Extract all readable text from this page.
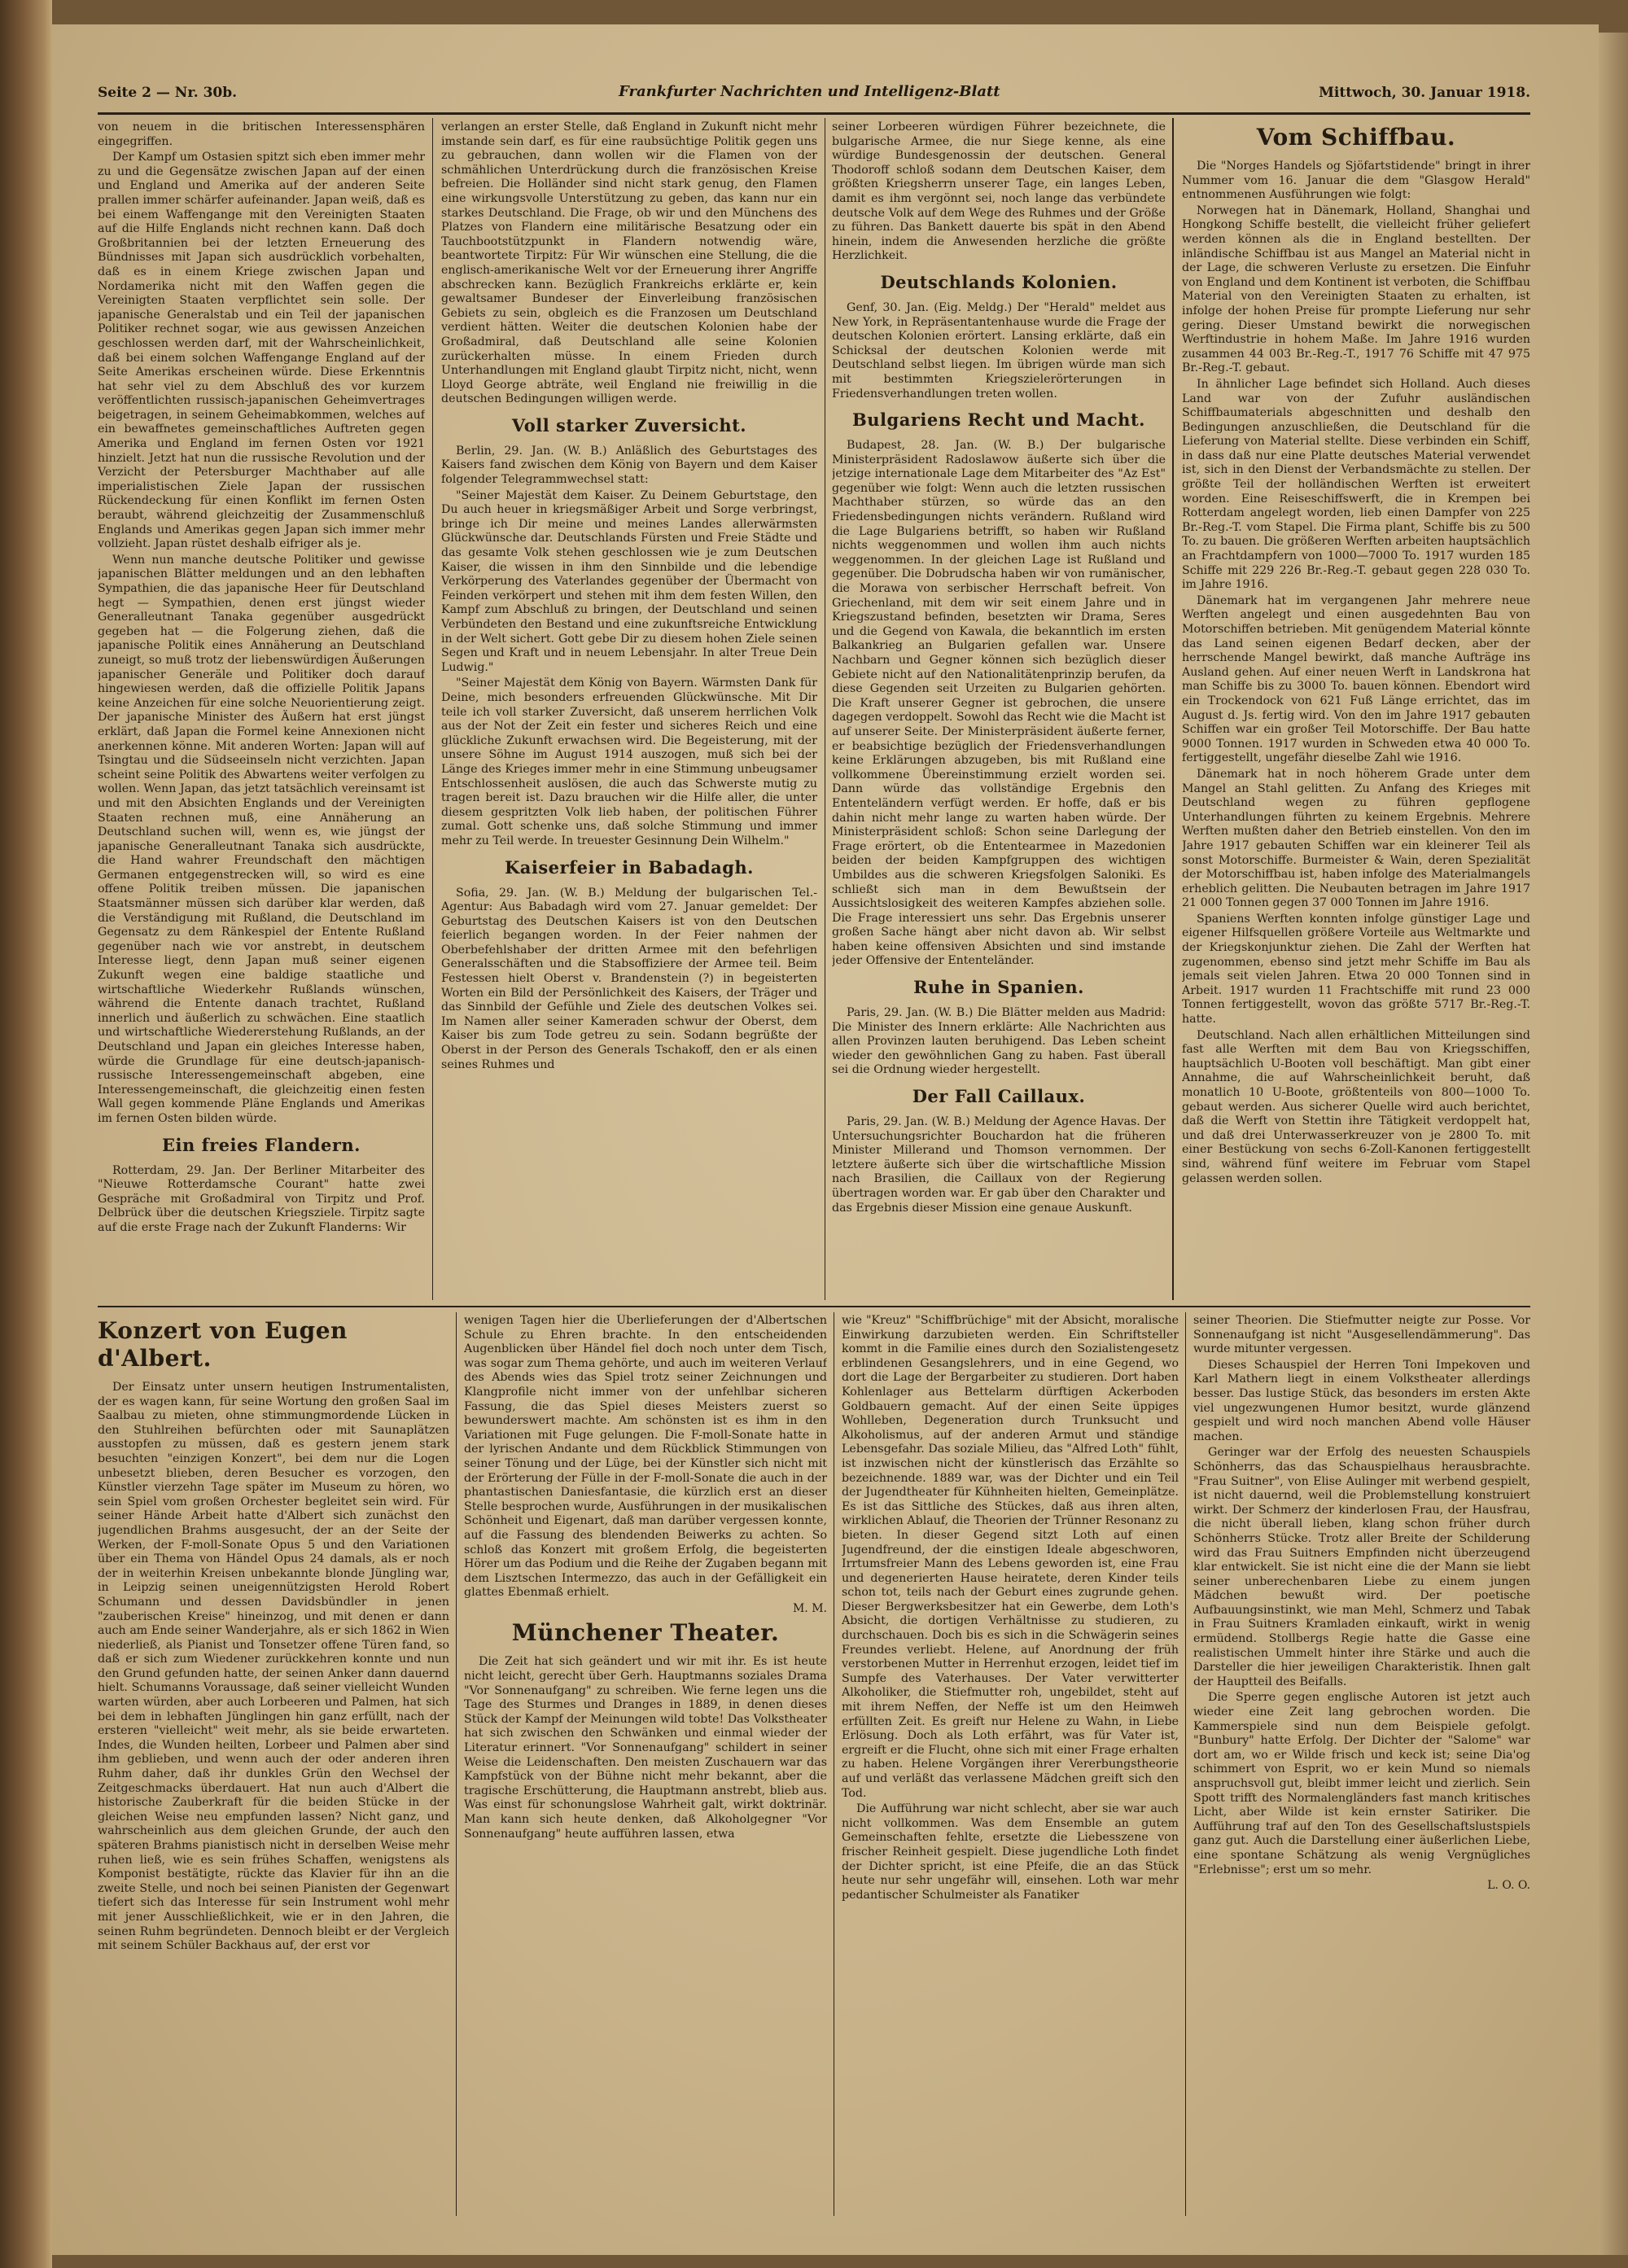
Seite 2 — Nr. 30b.	Frankfurter Nachrichten und Intelligenz-Blatt	Mittwoch, 30. Januar 1918.

von neuem in die britischen Interessensphären eingegriffen.

Der Kampf um Ostasien spitzt sich eben immer mehr zu und die Gegensätze zwischen Japan auf der einen und England und Amerika auf der anderen Seite prallen immer schärfer aufeinander. Japan weiß, daß es bei einem Waffengange mit den Vereinigten Staaten auf die Hilfe Englands nicht rechnen kann. Daß doch Großbritannien bei der letzten Erneuerung des Bündnisses mit Japan sich ausdrücklich vorbehalten, daß es in einem Kriege zwischen Japan und Nordamerika nicht mit den Waffen gegen die Vereinigten Staaten verpflichtet sein solle. Der japanische Generalstab und ein Teil der japanischen Politiker rechnet sogar, wie aus gewissen Anzeichen geschlossen werden darf, mit der Wahrscheinlichkeit, daß bei einem solchen Waffengange England auf der Seite Amerikas erscheinen würde. Diese Erkenntnis hat sehr viel zu dem Abschluß des vor kurzem veröffentlichten russisch-japanischen Geheimvertrages beigetragen, in seinem Geheimabkommen, welches auf ein bewaffnetes gemeinschaftliches Auftreten gegen Amerika und England im fernen Osten vor 1921 hinzielt. Jetzt hat nun die russische Revolution und der Verzicht der Petersburger Machthaber auf alle imperialistischen Ziele Japan der russischen Rückendeckung für einen Konflikt im fernen Osten beraubt, während gleichzeitig der Zusammenschluß Englands und Amerikas gegen Japan sich immer mehr vollzieht. Japan rüstet deshalb eifriger als je.

Wenn nun manche deutsche Politiker und gewisse japanischen Blätter meldungen und an den lebhaften Sympathien, die das japanische Heer für Deutschland hegt — Sympathien, denen erst jüngst wieder Generalleutnant Tanaka gegenüber ausgedrückt gegeben hat — die Folgerung ziehen, daß die japanische Politik eines Annäherung an Deutschland zuneigt, so muß trotz der liebenswürdigen Äußerungen japanischer Generäle und Politiker doch darauf hingewiesen werden, daß die offizielle Politik Japans keine Anzeichen für eine solche Neuorientierung zeigt. Der japanische Minister des Äußern hat erst jüngst erklärt, daß Japan die Formel keine Annexionen nicht anerkennen könne. Mit anderen Worten: Japan will auf Tsingtau und die Südseeinseln nicht verzichten. Japan scheint seine Politik des Abwartens weiter verfolgen zu wollen. Wenn Japan, das jetzt tatsächlich vereinsamt ist und mit den Absichten Englands und der Vereinigten Staaten rechnen muß, eine Annäherung an Deutschland suchen will, wenn es, wie jüngst der japanische Generalleutnant Tanaka sich ausdrückte, die Hand wahrer Freundschaft den mächtigen Germanen entgegenstrecken will, so wird es eine offene Politik treiben müssen. Die japanischen Staatsmänner müssen sich darüber klar werden, daß die Verständigung mit Rußland, die Deutschland im Gegensatz zu dem Ränkespiel der Entente Rußland gegenüber nach wie vor anstrebt, in deutschem Interesse liegt, denn Japan muß seiner eigenen Zukunft wegen eine baldige staatliche und wirtschaftliche Wiederkehr Rußlands wünschen, während die Entente danach trachtet, Rußland innerlich und äußerlich zu schwächen. Eine staatlich und wirtschaftliche Wiedererstehung Rußlands, an der Deutschland und Japan ein gleiches Interesse haben, würde die Grundlage für eine deutsch-japanisch-russische Interessengemeinschaft abgeben, eine Interessengemeinschaft, die gleichzeitig einen festen Wall gegen kommende Pläne Englands und Amerikas im fernen Osten bilden würde.

Ein freies Flandern.

Rotterdam, 29. Jan. Der Berliner Mitarbeiter des "Nieuwe Rotterdamsche Courant" hatte zwei Gespräche mit Großadmiral von Tirpitz und Prof. Delbrück über die deutschen Kriegsziele. Tirpitz sagte auf die erste Frage nach der Zukunft Flanderns: Wir

verlangen an erster Stelle, daß England in Zukunft nicht mehr imstande sein darf, es für eine raubsüchtige Politik gegen uns zu gebrauchen, dann wollen wir die Flamen von der schmählichen Unterdrückung durch die französischen Kreise befreien. Die Holländer sind nicht stark genug, den Flamen eine wirkungsvolle Unterstützung zu geben, das kann nur ein starkes Deutschland. Die Frage, ob wir und den Münchens des Platzes von Flandern eine militärische Besatzung oder ein Tauchbootstützpunkt in Flandern notwendig wäre, beantwortete Tirpitz: Für Wir wünschen eine Stellung, die die englisch-amerikanische Welt vor der Erneuerung ihrer Angriffe abschrecken kann. Bezüglich Frankreichs erklärte er, kein gewaltsamer Bundeser der Einverleibung französischen Gebiets zu sein, obgleich es die Franzosen um Deutschland verdient hätten. Weiter die deutschen Kolonien habe der Großadmiral, daß Deutschland alle seine Kolonien zurückerhalten müsse. In einem Frieden durch Unterhandlungen mit England glaubt Tirpitz nicht, nicht, wenn Lloyd George abträte, weil England nie freiwillig in die deutschen Bedingungen willigen werde.

Voll starker Zuversicht.

Berlin, 29. Jan. (W. B.) Anläßlich des Geburtstages des Kaisers fand zwischen dem König von Bayern und dem Kaiser folgender Telegrammwechsel statt:

"Seiner Majestät dem Kaiser. Zu Deinem Geburtstage, den Du auch heuer in kriegsmäßiger Arbeit und Sorge verbringst, bringe ich Dir meine und meines Landes allerwärmsten Glückwünsche dar. Deutschlands Fürsten und Freie Städte und das gesamte Volk stehen geschlossen wie je zum Deutschen Kaiser, die wissen in ihm den Sinnbilde und die lebendige Verkörperung des Vaterlandes gegenüber der Übermacht von Feinden verkörpert und stehen mit ihm dem festen Willen, den Kampf zum Abschluß zu bringen, der Deutschland und seinen Verbündeten den Bestand und eine zukunftsreiche Entwicklung in der Welt sichert. Gott gebe Dir zu diesem hohen Ziele seinen Segen und Kraft und in neuem Lebensjahr. In alter Treue Dein Ludwig."

"Seiner Majestät dem König von Bayern. Wärmsten Dank für Deine, mich besonders erfreuenden Glückwünsche. Mit Dir teile ich voll starker Zuversicht, daß unserem herrlichen Volk aus der Not der Zeit ein fester und sicheres Reich und eine glückliche Zukunft erwachsen wird. Die Begeisterung, mit der unsere Söhne im August 1914 auszogen, muß sich bei der Länge des Krieges immer mehr in eine Stimmung unbeugsamer Entschlossenheit auslösen, die auch das Schwerste mutig zu tragen bereit ist. Dazu brauchen wir die Hilfe aller, die unter diesem gespritzten Volk lieb haben, der politischen Führer zumal. Gott schenke uns, daß solche Stimmung und immer mehr zu Teil werde. In treuester Gesinnung Dein Wilhelm."

Kaiserfeier in Babadagh.

Sofia, 29. Jan. (W. B.) Meldung der bulgarischen Tel.-Agentur: Aus Babadagh wird vom 27. Januar gemeldet: Der Geburtstag des Deutschen Kaisers ist von den Deutschen feierlich begangen worden. In der Feier nahmen der Oberbefehlshaber der dritten Armee mit den befehrligen Generalsschäften und die Stabsoffiziere der Armee teil. Beim Festessen hielt Oberst v. Brandenstein (?) in begeisterten Worten ein Bild der Persönlichkeit des Kaisers, der Träger und das Sinnbild der Gefühle und Ziele des deutschen Volkes sei. Im Namen aller seiner Kameraden schwur der Oberst, dem Kaiser bis zum Tode getreu zu sein. Sodann begrüßte der Oberst in der Person des Generals Tschakoff, den er als einen seines Ruhmes und

seiner Lorbeeren würdigen Führer bezeichnete, die bulgarische Armee, die nur Siege kenne, als eine würdige Bundesgenossin der deutschen. General Thodoroff schloß sodann dem Deutschen Kaiser, dem größten Kriegsherrn unserer Tage, ein langes Leben, damit es ihm vergönnt sei, noch lange das verbündete deutsche Volk auf dem Wege des Ruhmes und der Größe zu führen. Das Bankett dauerte bis spät in den Abend hinein, indem die Anwesenden herzliche die größte Herzlichkeit.

Deutschlands Kolonien.

Genf, 30. Jan. (Eig. Meldg.) Der "Herald" meldet aus New York, in Repräsentantenhause wurde die Frage der deutschen Kolonien erörtert. Lansing erklärte, daß ein Schicksal der deutschen Kolonien werde mit Deutschland selbst liegen. Im übrigen würde man sich mit bestimmten Kriegszielerörterungen in Friedensverhandlungen treten wollen.

Bulgariens Recht und Macht.

Budapest, 28. Jan. (W. B.) Der bulgarische Ministerpräsident Radoslawow äußerte sich über die jetzige internationale Lage dem Mitarbeiter des "Az Est" gegenüber wie folgt: Wenn auch die letzten russischen Machthaber stürzen, so würde das an den Friedensbedingungen nichts verändern. Rußland wird die Lage Bulgariens betrifft, so haben wir Rußland nichts weggenommen und wollen ihm auch nichts weggenommen. In der gleichen Lage ist Rußland und gegenüber. Die Dobrudscha haben wir von rumänischer, die Morawa von serbischer Herrschaft befreit. Von Griechenland, mit dem wir seit einem Jahre und in Kriegszustand befinden, besetzten wir Drama, Seres und die Gegend von Kawala, die bekanntlich im ersten Balkankrieg an Bulgarien gefallen war. Unsere Nachbarn und Gegner können sich bezüglich dieser Gebiete nicht auf den Nationalitätenprinzip berufen, da diese Gegenden seit Urzeiten zu Bulgarien gehörten. Die Kraft unserer Gegner ist gebrochen, die unsere dagegen verdoppelt. Sowohl das Recht wie die Macht ist auf unserer Seite. Der Ministerpräsident äußerte ferner, er beabsichtige bezüglich der Friedensverhandlungen keine Erklärungen abzugeben, bis mit Rußland eine vollkommene Übereinstimmung erzielt worden sei. Dann würde das vollständige Ergebnis den Ententeländern verfügt werden. Er hoffe, daß er bis dahin nicht mehr lange zu warten haben würde. Der Ministerpräsident schloß: Schon seine Darlegung der Frage erörtert, ob die Ententearmee in Mazedonien beiden der beiden Kampfgruppen des wichtigen Umbildes aus die schweren Kriegsfolgen Saloniki. Es schließt sich man in dem Bewußtsein der Aussichtslosigkeit des weiteren Kampfes abziehen solle. Die Frage interessiert uns sehr. Das Ergebnis unserer großen Sache hängt aber nicht davon ab. Wir selbst haben keine offensiven Absichten und sind imstande jeder Offensive der Ententeländer.

Ruhe in Spanien.

Paris, 29. Jan. (W. B.) Die Blätter melden aus Madrid: Die Minister des Innern erklärte: Alle Nachrichten aus allen Provinzen lauten beruhigend. Das Leben scheint wieder den gewöhnlichen Gang zu haben. Fast überall sei die Ordnung wieder hergestellt.

Der Fall Caillaux.

Paris, 29. Jan. (W. B.) Meldung der Agence Havas. Der Untersuchungsrichter Bouchardon hat die früheren Minister Millerand und Thomson vernommen. Der letztere äußerte sich über die wirtschaftliche Mission nach Brasilien, die Caillaux von der Regierung übertragen worden war. Er gab über den Charakter und das Ergebnis dieser Mission eine genaue Auskunft.

Vom Schiffbau.

Die "Norges Handels og Sjöfartstidende" bringt in ihrer Nummer vom 16. Januar die dem "Glasgow Herald" entnommenen Ausführungen wie folgt:

Norwegen hat in Dänemark, Holland, Shanghai und Hongkong Schiffe bestellt, die vielleicht früher geliefert werden können als die in England bestellten. Der inländische Schiffbau ist aus Mangel an Material nicht in der Lage, die schweren Verluste zu ersetzen. Die Einfuhr von England und dem Kontinent ist verboten, die Schiffbau Material von den Vereinigten Staaten zu erhalten, ist infolge der hohen Preise für prompte Lieferung nur sehr gering. Dieser Umstand bewirkt die norwegischen Werftindustrie in hohem Maße. Im Jahre 1916 wurden zusammen 44 003 Br.-Reg.-T., 1917 76 Schiffe mit 47 975 Br.-Reg.-T. gebaut.

In ähnlicher Lage befindet sich Holland. Auch dieses Land war von der Zufuhr ausländischen Schiffbaumaterials abgeschnitten und deshalb den Bedingungen anzuschließen, die Deutschland für die Lieferung von Material stellte. Diese verbinden ein Schiff, in dass daß nur eine Platte deutsches Material verwendet ist, sich in den Dienst der Verbandsmächte zu stellen. Der größte Teil der holländischen Werften ist erweitert worden. Eine Reiseschiffswerft, die in Krempen bei Rotterdam angelegt worden, lieb einen Dampfer von 225 Br.-Reg.-T. vom Stapel. Die Firma plant, Schiffe bis zu 500 To. zu bauen. Die größeren Werften arbeiten hauptsächlich an Frachtdampfern von 1000—7000 To. 1917 wurden 185 Schiffe mit 229 226 Br.-Reg.-T. gebaut gegen 228 030 To. im Jahre 1916.

Dänemark hat im vergangenen Jahr mehrere neue Werften angelegt und einen ausgedehnten Bau von Motorschiffen betrieben. Mit genügendem Material könnte das Land seinen eigenen Bedarf decken, aber der herrschende Mangel bewirkt, daß manche Aufträge ins Ausland gehen. Auf einer neuen Werft in Landskrona hat man Schiffe bis zu 3000 To. bauen können. Ebendort wird ein Trockendock von 621 Fuß Länge errichtet, das im August d. Js. fertig wird. Von den im Jahre 1917 gebauten Schiffen war ein großer Teil Motorschiffe. Der Bau hatte 9000 Tonnen. 1917 wurden in Schweden etwa 40 000 To. fertiggestellt, ungefähr dieselbe Zahl wie 1916.

Dänemark hat in noch höherem Grade unter dem Mangel an Stahl gelitten. Zu Anfang des Krieges mit Deutschland wegen zu führen gepflogene Unterhandlungen führten zu keinem Ergebnis. Mehrere Werften mußten daher den Betrieb einstellen. Von den im Jahre 1917 gebauten Schiffen war ein kleinerer Teil als sonst Motorschiffe. Burmeister & Wain, deren Spezialität der Motorschiffbau ist, haben infolge des Materialmangels erheblich gelitten. Die Neubauten betragen im Jahre 1917 21 000 Tonnen gegen 37 000 Tonnen im Jahre 1916.

Spaniens Werften konnten infolge günstiger Lage und eigener Hilfsquellen größere Vorteile aus Weltmarkte und der Kriegskonjunktur ziehen. Die Zahl der Werften hat zugenommen, ebenso sind jetzt mehr Schiffe im Bau als jemals seit vielen Jahren. Etwa 20 000 Tonnen sind in Arbeit. 1917 wurden 11 Frachtschiffe mit rund 23 000 Tonnen fertiggestellt, wovon das größte 5717 Br.-Reg.-T. hatte.

Deutschland. Nach allen erhältlichen Mitteilungen sind fast alle Werften mit dem Bau von Kriegsschiffen, hauptsächlich U-Booten voll beschäftigt. Man gibt einer Annahme, die auf Wahrscheinlichkeit beruht, daß monatlich 10 U-Boote, größtenteils von 800—1000 To. gebaut werden. Aus sicherer Quelle wird auch berichtet, daß die Werft von Stettin ihre Tätigkeit verdoppelt hat, und daß drei Unterwasserkreuzer von je 2800 To. mit einer Bestückung von sechs 6-Zoll-Kanonen fertiggestellt sind, während fünf weitere im Februar vom Stapel gelassen werden sollen.

Konzert von Eugen d'Albert.

Der Einsatz unter unsern heutigen Instrumentalisten, der es wagen kann, für seine Wortung den großen Saal im Saalbau zu mieten, ohne stimmungmordende Lücken in den Stuhlreihen befürchten oder mit Saunaplätzen ausstopfen zu müssen, daß es gestern jenem stark besuchten "einzigen Konzert", bei dem nur die Logen unbesetzt blieben, deren Besucher es vorzogen, den Künstler vierzehn Tage später im Museum zu hören, wo sein Spiel vom großen Orchester begleitet sein wird. Für seiner Hände Arbeit hatte d'Albert sich zunächst den jugendlichen Brahms ausgesucht, der an der Seite der Werken, der F-moll-Sonate Opus 5 und den Variationen über ein Thema von Händel Opus 24 damals, als er noch der in weiterhin Kreisen unbekannte blonde Jüngling war, in Leipzig seinen uneigennützigsten Herold Robert Schumann und dessen Davidsbündler in jenen "zauberischen Kreise" hineinzog, und mit denen er dann auch am Ende seiner Wanderjahre, als er sich 1862 in Wien niederließ, als Pianist und Tonsetzer offene Türen fand, so daß er sich zum Wiedener zurückkehren konnte und nun den Grund gefunden hatte, der seinen Anker dann dauernd hielt. Schumanns Voraussage, daß seiner vielleicht Wunden warten würden, aber auch Lorbeeren und Palmen, hat sich bei dem in lebhaften Jünglingen hin ganz erfüllt, nach der ersteren "vielleicht" weit mehr, als sie beide erwarteten. Indes, die Wunden heilten, Lorbeer und Palmen aber sind ihm geblieben, und wenn auch der oder anderen ihren Ruhm daher, daß ihr dunkles Grün den Wechsel der Zeitgeschmacks überdauert. Hat nun auch d'Albert die historische Zauberkraft für die beiden Stücke in der gleichen Weise neu empfunden lassen? Nicht ganz, und wahrscheinlich aus dem gleichen Grunde, der auch den späteren Brahms pianistisch nicht in derselben Weise mehr ruhen ließ, wie es sein frühes Schaffen, wenigstens als Komponist bestätigte, rückte das Klavier für ihn an die zweite Stelle, und noch bei seinen Pianisten der Gegenwart tiefert sich das Interesse für sein Instrument wohl mehr mit jener Ausschließlichkeit, wie er in den Jahren, die seinen Ruhm begründeten. Dennoch bleibt er der Vergleich mit seinem Schüler Backhaus auf, der erst vor

wenigen Tagen hier die Überlieferungen der d'Albertschen Schule zu Ehren brachte. In den entscheidenden Augenblicken über Händel fiel doch noch unter dem Tisch, was sogar zum Thema gehörte, und auch im weiteren Verlauf des Abends wies das Spiel trotz seiner Zeichnungen und Klangprofile nicht immer von der unfehlbar sicheren Fassung, die das Spiel dieses Meisters zuerst so bewunderswert machte. Am schönsten ist es ihm in den Variationen mit Fuge gelungen. Die F-moll-Sonate hatte in der lyrischen Andante und dem Rückblick Stimmungen von seiner Tönung und der Lüge, bei der Künstler sich nicht mit der Erörterung der Fülle in der F-moll-Sonate die auch in der phantastischen Daniesfantasie, die kürzlich erst an dieser Stelle besprochen wurde, Ausführungen in der musikalischen Schönheit und Eigenart, daß man darüber vergessen konnte, auf die Fassung des blendenden Beiwerks zu achten. So schloß das Konzert mit großem Erfolg, die begeisterten Hörer um das Podium und die Reihe der Zugaben begann mit dem Lisztschen Intermezzo, das auch in der Gefälligkeit ein glattes Ebenmaß erhielt.

M. M.
Münchener Theater.

Die Zeit hat sich geändert und wir mit ihr. Es ist heute nicht leicht, gerecht über Gerh. Hauptmanns soziales Drama "Vor Sonnenaufgang" zu schreiben. Wie ferne legen uns die Tage des Sturmes und Dranges in 1889, in denen dieses Stück der Kampf der Meinungen wild tobte! Das Volkstheater hat sich zwischen den Schwänken und einmal wieder der Literatur erinnert. "Vor Sonnenaufgang" schildert in seiner Weise die Leidenschaften. Den meisten Zuschauern war das Kampfstück von der Bühne nicht mehr bekannt, aber die tragische Erschütterung, die Hauptmann anstrebt, blieb aus. Was einst für schonungslose Wahrheit galt, wirkt doktrinär. Man kann sich heute denken, daß Alkoholgegner "Vor Sonnenaufgang" heute aufführen lassen, etwa

wie "Kreuz" "Schiffbrüchige" mit der Absicht, moralische Einwirkung darzubieten werden. Ein Schriftsteller kommt in die Familie eines durch den Sozialistengesetz erblindenen Gesangslehrers, und in eine Gegend, wo dort die Lage der Bergarbeiter zu studieren. Dort haben Kohlenlager aus Bettelarm dürftigen Ackerboden Goldbauern gemacht. Auf der einen Seite üppiges Wohlleben, Degeneration durch Trunksucht und Alkoholismus, auf der anderen Armut und ständige Lebensgefahr. Das soziale Milieu, das "Alfred Loth" fühlt, ist inzwischen nicht der künstlerisch das Erzählte so bezeichnende. 1889 war, was der Dichter und ein Teil der Jugendtheater für Kühnheiten hielten, Gemeinplätze. Es ist das Sittliche des Stückes, daß aus ihren alten, wirklichen Ablauf, die Theorien der Trünner Resonanz zu bieten. In dieser Gegend sitzt Loth auf einen Jugendfreund, der die einstigen Ideale abgeschworen, Irrtumsfreier Mann des Lebens geworden ist, eine Frau und degenerierten Hause heiratete, deren Kinder teils schon tot, teils nach der Geburt eines zugrunde gehen. Dieser Bergwerksbesitzer hat ein Gewerbe, dem Loth's Absicht, die dortigen Verhältnisse zu studieren, zu durchschauen. Doch bis es sich in die Schwägerin seines Freundes verliebt. Helene, auf Anordnung der früh verstorbenen Mutter in Herrenhut erzogen, leidet tief im Sumpfe des Vaterhauses. Der Vater verwitterter Alkoholiker, die Stiefmutter roh, ungebildet, steht auf mit ihrem Neffen, der Neffe ist um den Heimweh erfüllten Zeit. Es greift nur Helene zu Wahn, in Liebe Erlösung. Doch als Loth erfährt, was für Vater ist, ergreift er die Flucht, ohne sich mit einer Frage erhalten zu haben. Helene Vorgängen ihrer Vererbungstheorie auf und verläßt das verlassene Mädchen greift sich den Tod.

Die Aufführung war nicht schlecht, aber sie war auch nicht vollkommen. Was dem Ensemble an gutem Gemeinschaften fehlte, ersetzte die Liebesszene von frischer Reinheit gespielt. Diese jugendliche Loth findet der Dichter spricht, ist eine Pfeife, die an das Stück heute nur sehr ungefähr will, einsehen. Loth war mehr pedantischer Schulmeister als Fanatiker

seiner Theorien. Die Stiefmutter neigte zur Posse. Vor Sonnenaufgang ist nicht "Ausgesellendämmerung". Das wurde mitunter vergessen.

Dieses Schauspiel der Herren Toni Impekoven und Karl Mathern liegt in einem Volkstheater allerdings besser. Das lustige Stück, das besonders im ersten Akte viel ungezwungenen Humor besitzt, wurde glänzend gespielt und wird noch manchen Abend volle Häuser machen.

Geringer war der Erfolg des neuesten Schauspiels Schönherrs, das das Schauspielhaus herausbrachte. "Frau Suitner", von Elise Aulinger mit werbend gespielt, ist nicht dauernd, weil die Problemstellung konstruiert wirkt. Der Schmerz der kinderlosen Frau, der Hausfrau, die nicht überall lieben, klang schon früher durch Schönherrs Stücke. Trotz aller Breite der Schilderung wird das Frau Suitners Empfinden nicht überzeugend klar entwickelt. Sie ist nicht eine die der Mann sie liebt seiner unberechenbaren Liebe zu einem jungen Mädchen bewußt wird. Der poetische Aufbauungsinstinkt, wie man Mehl, Schmerz und Tabak in Frau Suitners Kramladen einkauft, wirkt in wenig ermüdend. Stollbergs Regie hatte die Gasse eine realistischen Ummelt hinter ihre Stärke und auch die Darsteller die hier jeweiligen Charakteristik. Ihnen galt der Hauptteil des Beifalls.

Die Sperre gegen englische Autoren ist jetzt auch wieder eine Zeit lang gebrochen worden. Die Kammerspiele sind nun dem Beispiele gefolgt. "Bunbury" hatte Erfolg. Der Dichter der "Salome" war dort am, wo er Wilde frisch und keck ist; seine Dia'og schimmert von Esprit, wo er kein Mund so niemals anspruchsvoll gut, bleibt immer leicht und zierlich. Sein Spott trifft des Normalengländers fast manch kritisches Licht, aber Wilde ist kein ernster Satiriker. Die Aufführung traf auf den Ton des Gesellschaftslustspiels ganz gut. Auch die Darstellung einer äußerlichen Liebe, eine spontane Schätzung als wenig Vergnügliches "Erlebnisse"; erst um so mehr.

L. O. O.
